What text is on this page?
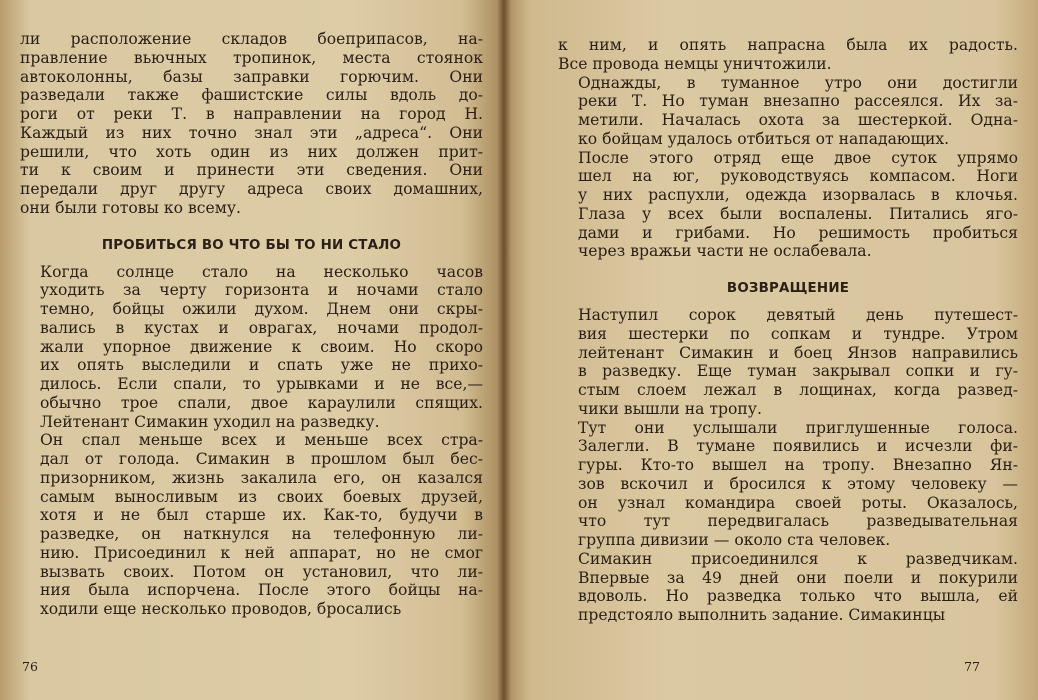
ли расположение складов боеприпасов, на-
правление вьючных тропинок, места стоянок
автоколонны, базы заправки горючим. Они
разведали также фашистские силы вдоль до-
роги от реки Т. в направлении на город Н.
Каждый из них точно знал эти „адреса“. Они
решили, что хоть один из них должен прит-
ти к своим и принести эти сведения. Они
передали друг другу адреса своих домашних,
они были готовы ко всему.

ПРОБИТЬСЯ ВО ЧТО БЫ ТО НИ СТАЛО

Когда солнце стало на несколько часов
уходить за черту горизонта и ночами стало
темно, бойцы ожили духом. Днем они скры-
вались в кустах и оврагах, ночами продол-
жали упорное движение к своим. Но скоро
их опять выследили и спать уже не прихо-
дилось. Если спали, то урывками и не все,—
обычно трое спали, двое караулили спящих.
Лейтенант Симакин уходил на разведку.

Он спал меньше всех и меньше всех стра-
дал от голода. Симакин в прошлом был бес-
призорником, жизнь закалила его, он казался
самым выносливым из своих боевых друзей,
хотя и не был старше их. Как-то, будучи в
разведке, он наткнулся на телефонную ли-
нию. Присоединил к ней аппарат, но не смог
вызвать своих. Потом он установил, что ли-
ния была испорчена. После этого бойцы на-
ходили еще несколько проводов, бросались

76

к ним, и опять напрасна была их радость.
Все провода немцы уничтожили.

Однажды, в туманное утро они достигли
реки Т. Но туман внезапно рассеялся. Их за-
метили. Началась охота за шестеркой. Одна-
ко бойцам удалось отбиться от нападающих.

После этого отряд еще двое суток упрямо
шел на юг, руководствуясь компасом. Ноги
у них распухли, одежда изорвалась в клочья.
Глаза у всех были воспалены. Питались яго-
дами и грибами. Но решимость пробиться
через вражьи части не ослабевала.

ВОЗВРАЩЕНИЕ

Наступил сорок девятый день путешест-
вия шестерки по сопкам и тундре. Утром
лейтенант Симакин и боец Янзов направились
в разведку. Еще туман закрывал сопки и гу-
стым слоем лежал в лощинах, когда развед-
чики вышли на тропу.

Тут они услышали приглушенные голоса.
Залегли. В тумане появились и исчезли фи-
гуры. Кто-то вышел на тропу. Внезапно Ян-
зов вскочил и бросился к этому человеку —
он узнал командира своей роты. Оказалось,
что тут передвигалась разведывательная
группа дивизии — около ста человек.

Симакин присоединился к разведчикам.
Впервые за 49 дней они поели и покурили
вдоволь. Но разведка только что вышла, ей
предстояло выполнить задание. Симакинцы

77
